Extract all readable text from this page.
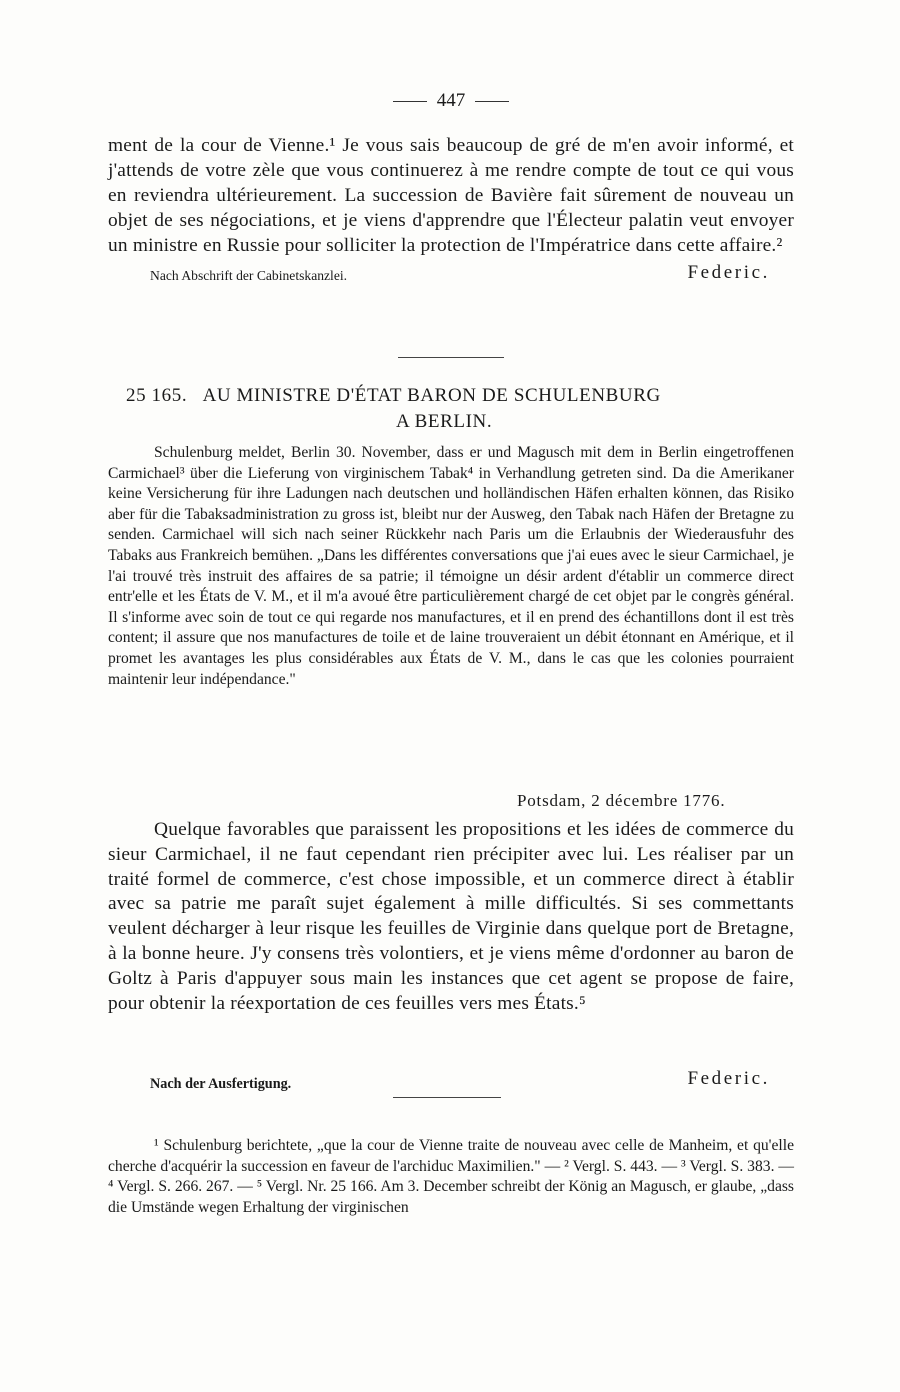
447

ment de la cour de Vienne.¹ Je vous sais beaucoup de gré de m'en avoir informé, et j'attends de votre zèle que vous continuerez à me rendre compte de tout ce qui vous en reviendra ultérieurement. La succession de Bavière fait sûrement de nouveau un objet de ses négociations, et je viens d'apprendre que l'Électeur palatin veut envoyer un ministre en Russie pour solliciter la protection de l'Impératrice dans cette affaire.²

Nach Abschrift der Cabinetskanzlei.	Federic.
25 165. AU MINISTRE D'ÉTAT BARON DE SCHULENBURG
A BERLIN.

Schulenburg meldet, Berlin 30. November, dass er und Magusch mit dem in Berlin eingetroffenen Carmichael³ über die Lieferung von virginischem Tabak⁴ in Verhandlung getreten sind. Da die Amerikaner keine Versicherung für ihre Ladungen nach deutschen und holländischen Häfen erhalten können, das Risiko aber für die Tabaksadministration zu gross ist, bleibt nur der Ausweg, den Tabak nach Häfen der Bretagne zu senden. Carmichael will sich nach seiner Rückkehr nach Paris um die Erlaubnis der Wiederausfuhr des Tabaks aus Frankreich bemühen. „Dans les différentes conversations que j'ai eues avec le sieur Carmichael, je l'ai trouvé très instruit des affaires de sa patrie; il témoigne un désir ardent d'établir un commerce direct entr'elle et les États de V. M., et il m'a avoué être particulièrement chargé de cet objet par le congrès général. Il s'informe avec soin de tout ce qui regarde nos manufactures, et il en prend des échantillons dont il est très content; il assure que nos manufactures de toile et de laine trouveraient un débit étonnant en Amérique, et il promet les avantages les plus considérables aux États de V. M., dans le cas que les colonies pourraient maintenir leur indépendance."

Potsdam, 2 décembre 1776.

Quelque favorables que paraissent les propositions et les idées de commerce du sieur Carmichael, il ne faut cependant rien précipiter avec lui. Les réaliser par un traité formel de commerce, c'est chose impossible, et un commerce direct à établir avec sa patrie me paraît sujet également à mille difficultés. Si ses commettants veulent décharger à leur risque les feuilles de Virginie dans quelque port de Bretagne, à la bonne heure. J'y consens très volontiers, et je viens même d'ordonner au baron de Goltz à Paris d'appuyer sous main les instances que cet agent se propose de faire, pour obtenir la réexportation de ces feuilles vers mes États.⁵

Nach der Ausfertigung.	Federic.

¹ Schulenburg berichtete, „que la cour de Vienne traite de nouveau avec celle de Manheim, et qu'elle cherche d'acquérir la succession en faveur de l'archiduc Maximilien." — ² Vergl. S. 443. — ³ Vergl. S. 383. — ⁴ Vergl. S. 266. 267. — ⁵ Vergl. Nr. 25 166. Am 3. December schreibt der König an Magusch, er glaube, „dass die Umstände wegen Erhaltung der virginischen
